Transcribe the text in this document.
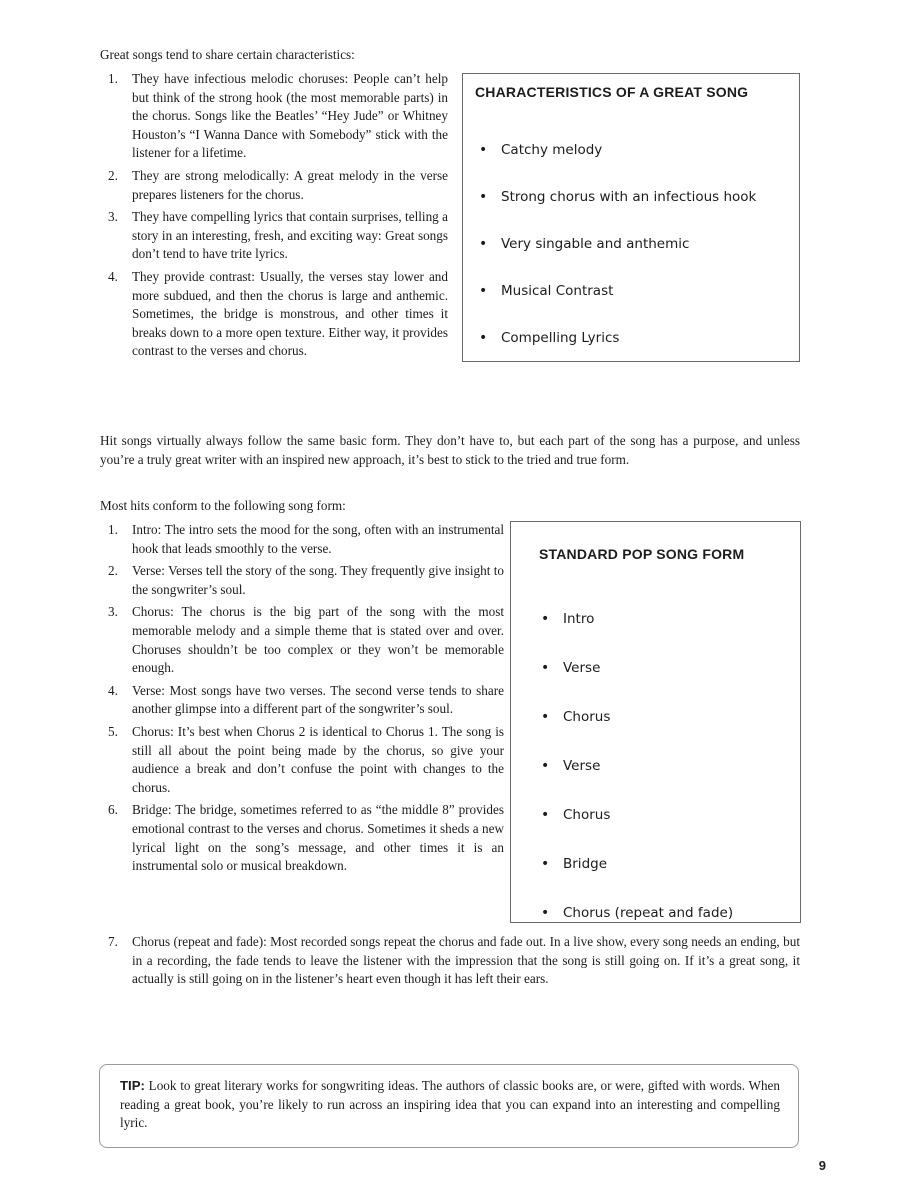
Great songs tend to share certain characteristics:
1.	They have infectious melodic choruses: People can’t help but think of the strong hook (the most memorable parts) in the chorus. Songs like the Beatles’ “Hey Jude” or Whitney Houston’s “I Wanna Dance with Somebody” stick with the listener for a lifetime.
2.	They are strong melodically: A great melody in the verse prepares listeners for the chorus.
3.	They have compelling lyrics that contain surprises, telling a story in an interesting, fresh, and exciting way: Great songs don’t tend to have trite lyrics.
4.	They provide contrast: Usually, the verses stay lower and more subdued, and then the chorus is large and anthemic. Sometimes, the bridge is monstrous, and other times it breaks down to a more open texture. Either way, it provides contrast to the verses and chorus.
CHARACTERISTICS OF A GREAT SONG
•	Catchy melody
•	Strong chorus with an infectious hook
•	Very singable and anthemic
•	Musical Contrast
•	Compelling Lyrics
Hit songs virtually always follow the same basic form. They don’t have to, but each part of the song has a purpose, and unless you’re a truly great writer with an inspired new approach, it’s best to stick to the tried and true form.
Most hits conform to the following song form:
1.	Intro: The intro sets the mood for the song, often with an instrumental hook that leads smoothly to the verse.
2.	Verse: Verses tell the story of the song. They frequently give insight to the songwriter’s soul.
3.	Chorus: The chorus is the big part of the song with the most memorable melody and a simple theme that is stated over and over. Choruses shouldn’t be too complex or they won’t be memorable enough.
4.	Verse: Most songs have two verses. The second verse tends to share another glimpse into a different part of the songwriter’s soul.
5.	Chorus: It’s best when Chorus 2 is identical to Chorus 1. The song is still all about the point being made by the chorus, so give your audience a break and don’t confuse the point with changes to the chorus.
6.	Bridge: The bridge, sometimes referred to as “the middle 8” provides emotional contrast to the verses and chorus. Sometimes it sheds a new lyrical light on the song’s message, and other times it is an instrumental solo or musical breakdown.
7.	Chorus (repeat and fade): Most recorded songs repeat the chorus and fade out. In a live show, every song needs an ending, but in a recording, the fade tends to leave the listener with the impression that the song is still going on. If it’s a great song, it actually is still going on in the listener’s heart even though it has left their ears.
STANDARD POP SONG FORM
•	Intro
•	Verse
•	Chorus
•	Verse
•	Chorus
•	Bridge
•	Chorus (repeat and fade)
TIP: Look to great literary works for songwriting ideas. The authors of classic books are, or were, gifted with words. When reading a great book, you’re likely to run across an inspiring idea that you can expand into an interesting and compelling lyric.
9
